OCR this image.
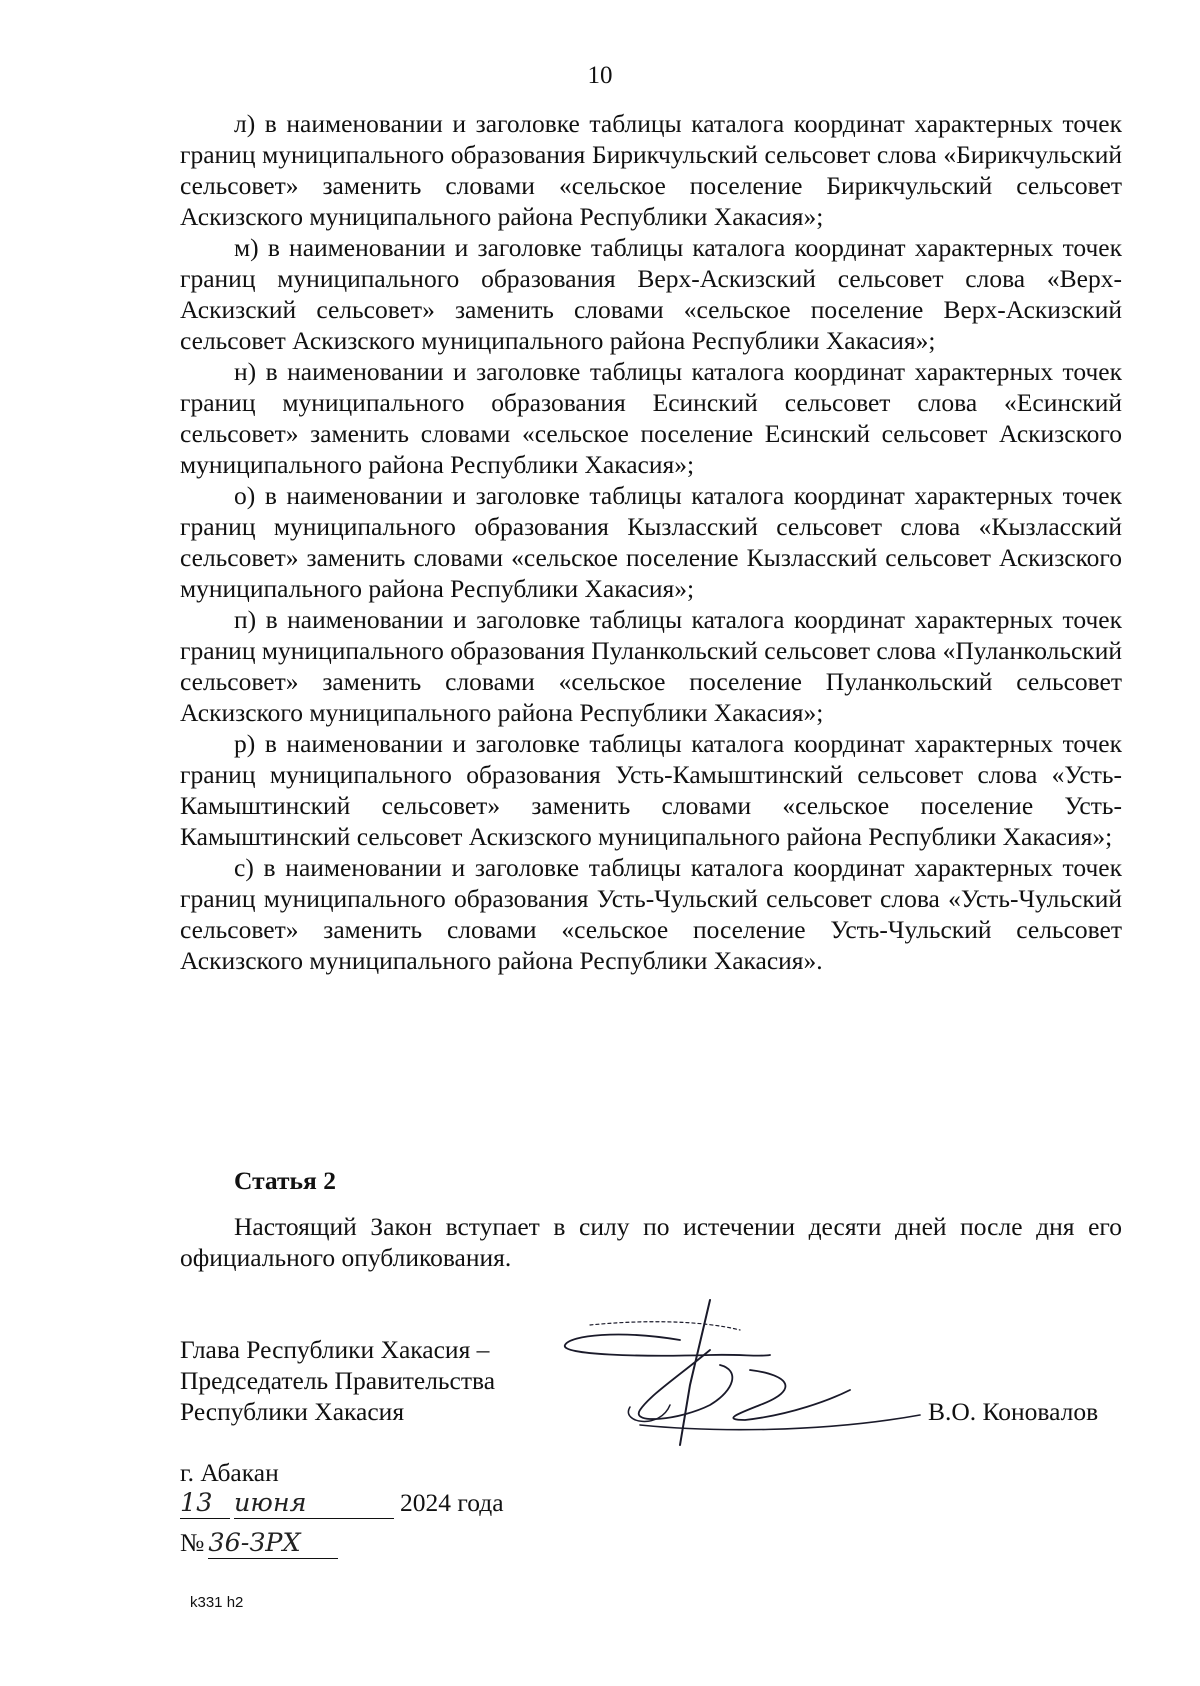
10

л) в наименовании и заголовке таблицы каталога координат характерных точек границ муниципального образования Бирикчульский сельсовет слова «Бирикчульский сельсовет» заменить словами «сельское поселение Бирикчульский сельсовет Аскизского муниципального района Республики Хакасия»;

м) в наименовании и заголовке таблицы каталога координат характерных точек границ муниципального образования Верх-Аскизский сельсовет слова «Верх-Аскизский сельсовет» заменить словами «сельское поселение Верх-Аскизский сельсовет Аскизского муниципального района Республики Хакасия»;

н) в наименовании и заголовке таблицы каталога координат характерных точек границ муниципального образования Есинский сельсовет слова «Есинский сельсовет» заменить словами «сельское поселение Есинский сельсовет Аскизского муниципального района Республики Хакасия»;

о) в наименовании и заголовке таблицы каталога координат характерных точек границ муниципального образования Кызласский сельсовет слова «Кызласский сельсовет» заменить словами «сельское поселение Кызласский сельсовет Аскизского муниципального района Республики Хакасия»;

п) в наименовании и заголовке таблицы каталога координат характерных точек границ муниципального образования Пуланкольский сельсовет слова «Пуланкольский сельсовет» заменить словами «сельское поселение Пуланкольский сельсовет Аскизского муниципального района Республики Хакасия»;

р) в наименовании и заголовке таблицы каталога координат характерных точек границ муниципального образования Усть-Камыштинский сельсовет слова «Усть-Камыштинский сельсовет» заменить словами «сельское поселение Усть-Камыштинский сельсовет Аскизского муниципального района Республики Хакасия»;

с) в наименовании и заголовке таблицы каталога координат характерных точек границ муниципального образования Усть-Чульский сельсовет слова «Усть-Чульский сельсовет» заменить словами «сельское поселение Усть-Чульский сельсовет Аскизского муниципального района Республики Хакасия».

Статья 2

Настоящий Закон вступает в силу по истечении десяти дней после дня его официального опубликования.

Глава Республики Хакасия –
Председатель Правительства
Республики Хакасия	В.О. Коновалов
г. Абакан
13 июня	2024 года
№ 36-ЗРХ
k331 h2
